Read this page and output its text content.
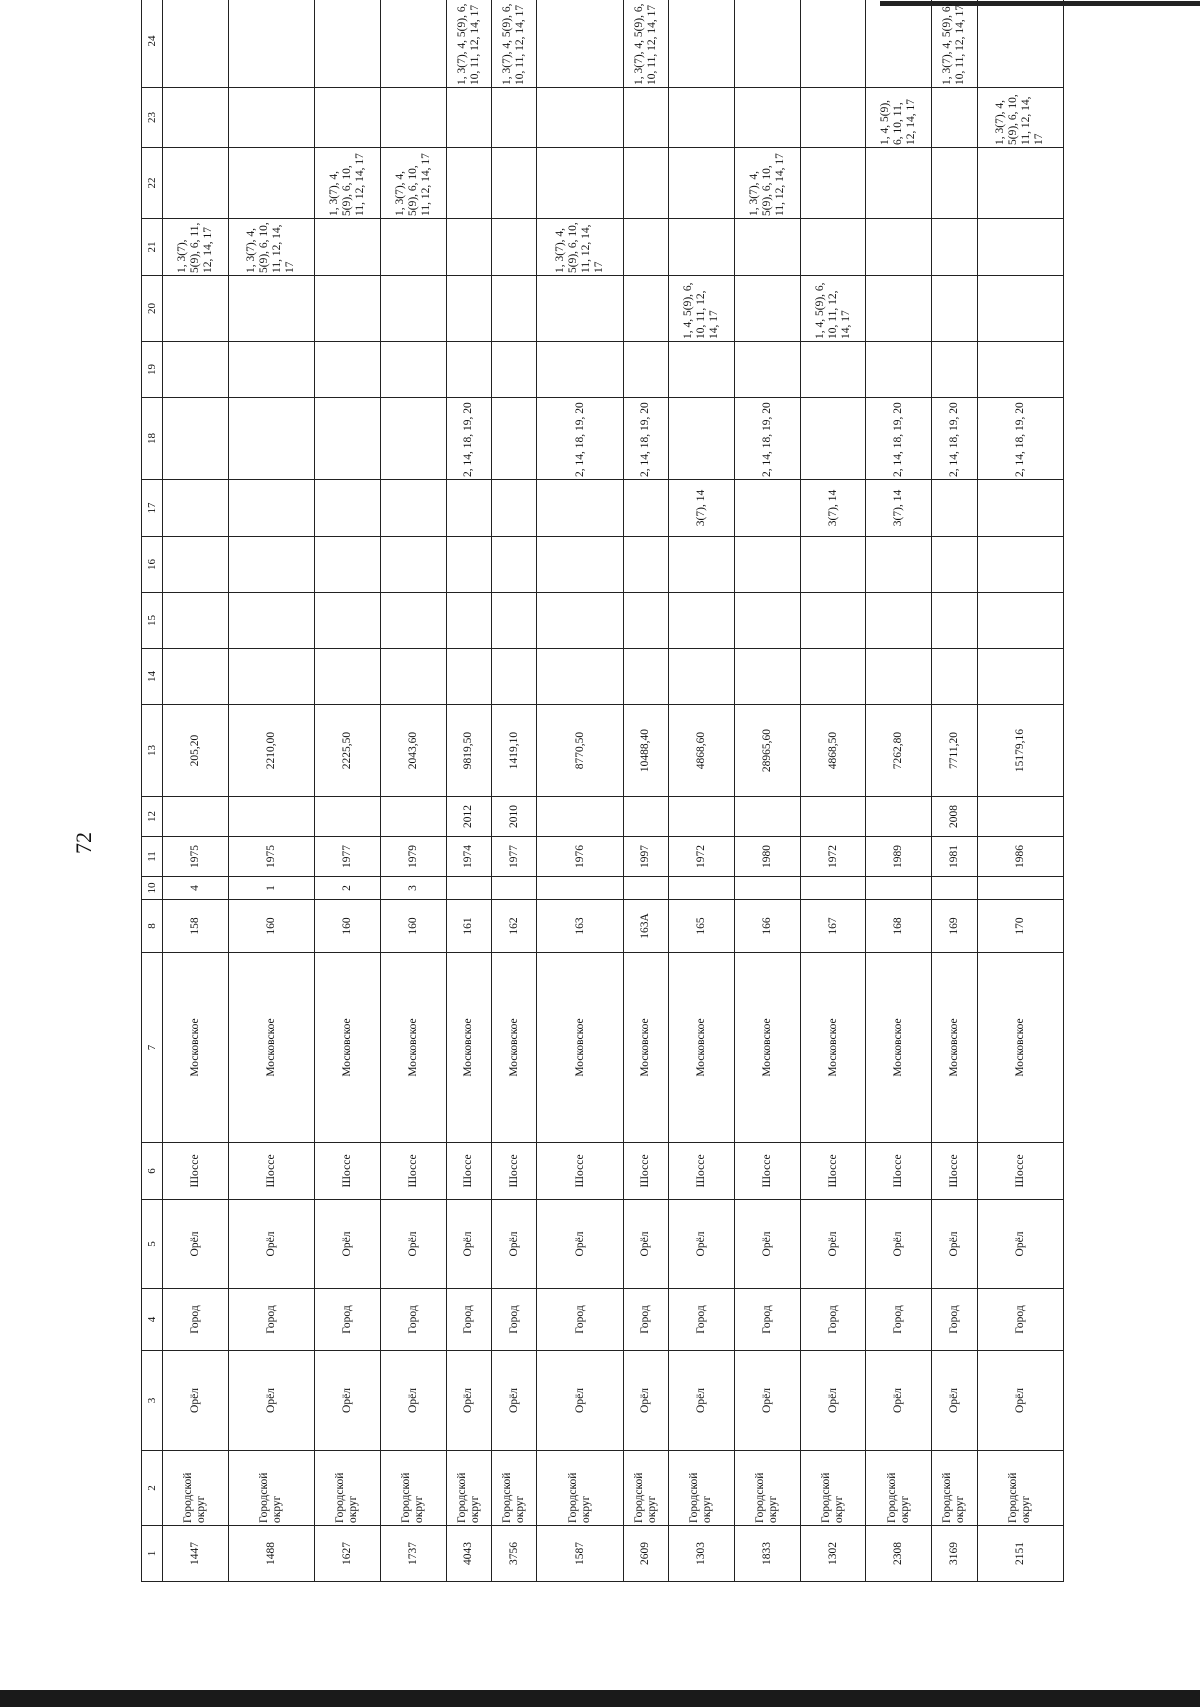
72
1	2	3	4	5	6	7	8	10	11	12	13	14	15	16	17	18	19	20	21	22	23	24
1447	Городской округ	Орёл	Город	Орёл	Шоссе	Московское	158	4	1975		205,20								1, 3(7), 5(9), 6, 11, 12, 14, 17			
1488	Городской округ	Орёл	Город	Орёл	Шоссе	Московское	160	1	1975		2210,00								1, 3(7), 4, 5(9), 6, 10, 11, 12, 14, 17			
1627	Городской округ	Орёл	Город	Орёл	Шоссе	Московское	160	2	1977		2225,50									1, 3(7), 4, 5(9), 6, 10, 11, 12, 14, 17		
1737	Городской округ	Орёл	Город	Орёл	Шоссе	Московское	160	3	1979		2043,60									1, 3(7), 4, 5(9), 6, 10, 11, 12, 14, 17		
4043	Городской округ	Орёл	Город	Орёл	Шоссе	Московское	161		1974	2012	9819,50					2, 14, 18, 19, 20						1, 3(7), 4, 5(9), 6, 10, 11, 12, 14, 17
3756	Городской округ	Орёл	Город	Орёл	Шоссе	Московское	162		1977	2010	1419,10											1, 3(7), 4, 5(9), 6, 10, 11, 12, 14, 17
1587	Городской округ	Орёл	Город	Орёл	Шоссе	Московское	163		1976		8770,50					2, 14, 18, 19, 20			1, 3(7), 4, 5(9), 6, 10, 11, 12, 14, 17			
2609	Городской округ	Орёл	Город	Орёл	Шоссе	Московское	163А		1997		10488,40					2, 14, 18, 19, 20						1, 3(7), 4, 5(9), 6, 10, 11, 12, 14, 17
1303	Городской округ	Орёл	Город	Орёл	Шоссе	Московское	165		1972		4868,60				3(7), 14			1, 4, 5(9), 6, 10, 11, 12, 14, 17				
1833	Городской округ	Орёл	Город	Орёл	Шоссе	Московское	166		1980		28965,60					2, 14, 18, 19, 20				1, 3(7), 4, 5(9), 6, 10, 11, 12, 14, 17		
1302	Городской округ	Орёл	Город	Орёл	Шоссе	Московское	167		1972		4868,50				3(7), 14			1, 4, 5(9), 6, 10, 11, 12, 14, 17				
2308	Городской округ	Орёл	Город	Орёл	Шоссе	Московское	168		1989		7262,80				3(7), 14	2, 14, 18, 19, 20					1, 4, 5(9), 6, 10, 11, 12, 14, 17	
3169	Городской округ	Орёл	Город	Орёл	Шоссе	Московское	169		1981	2008	7711,20					2, 14, 18, 19, 20						1, 3(7), 4, 5(9), 6, 10, 11, 12, 14, 17
2151	Городской округ	Орёл	Город	Орёл	Шоссе	Московское	170		1986		15179,16					2, 14, 18, 19, 20					1, 3(7), 4, 5(9), 6, 10, 11, 12, 14, 17	
